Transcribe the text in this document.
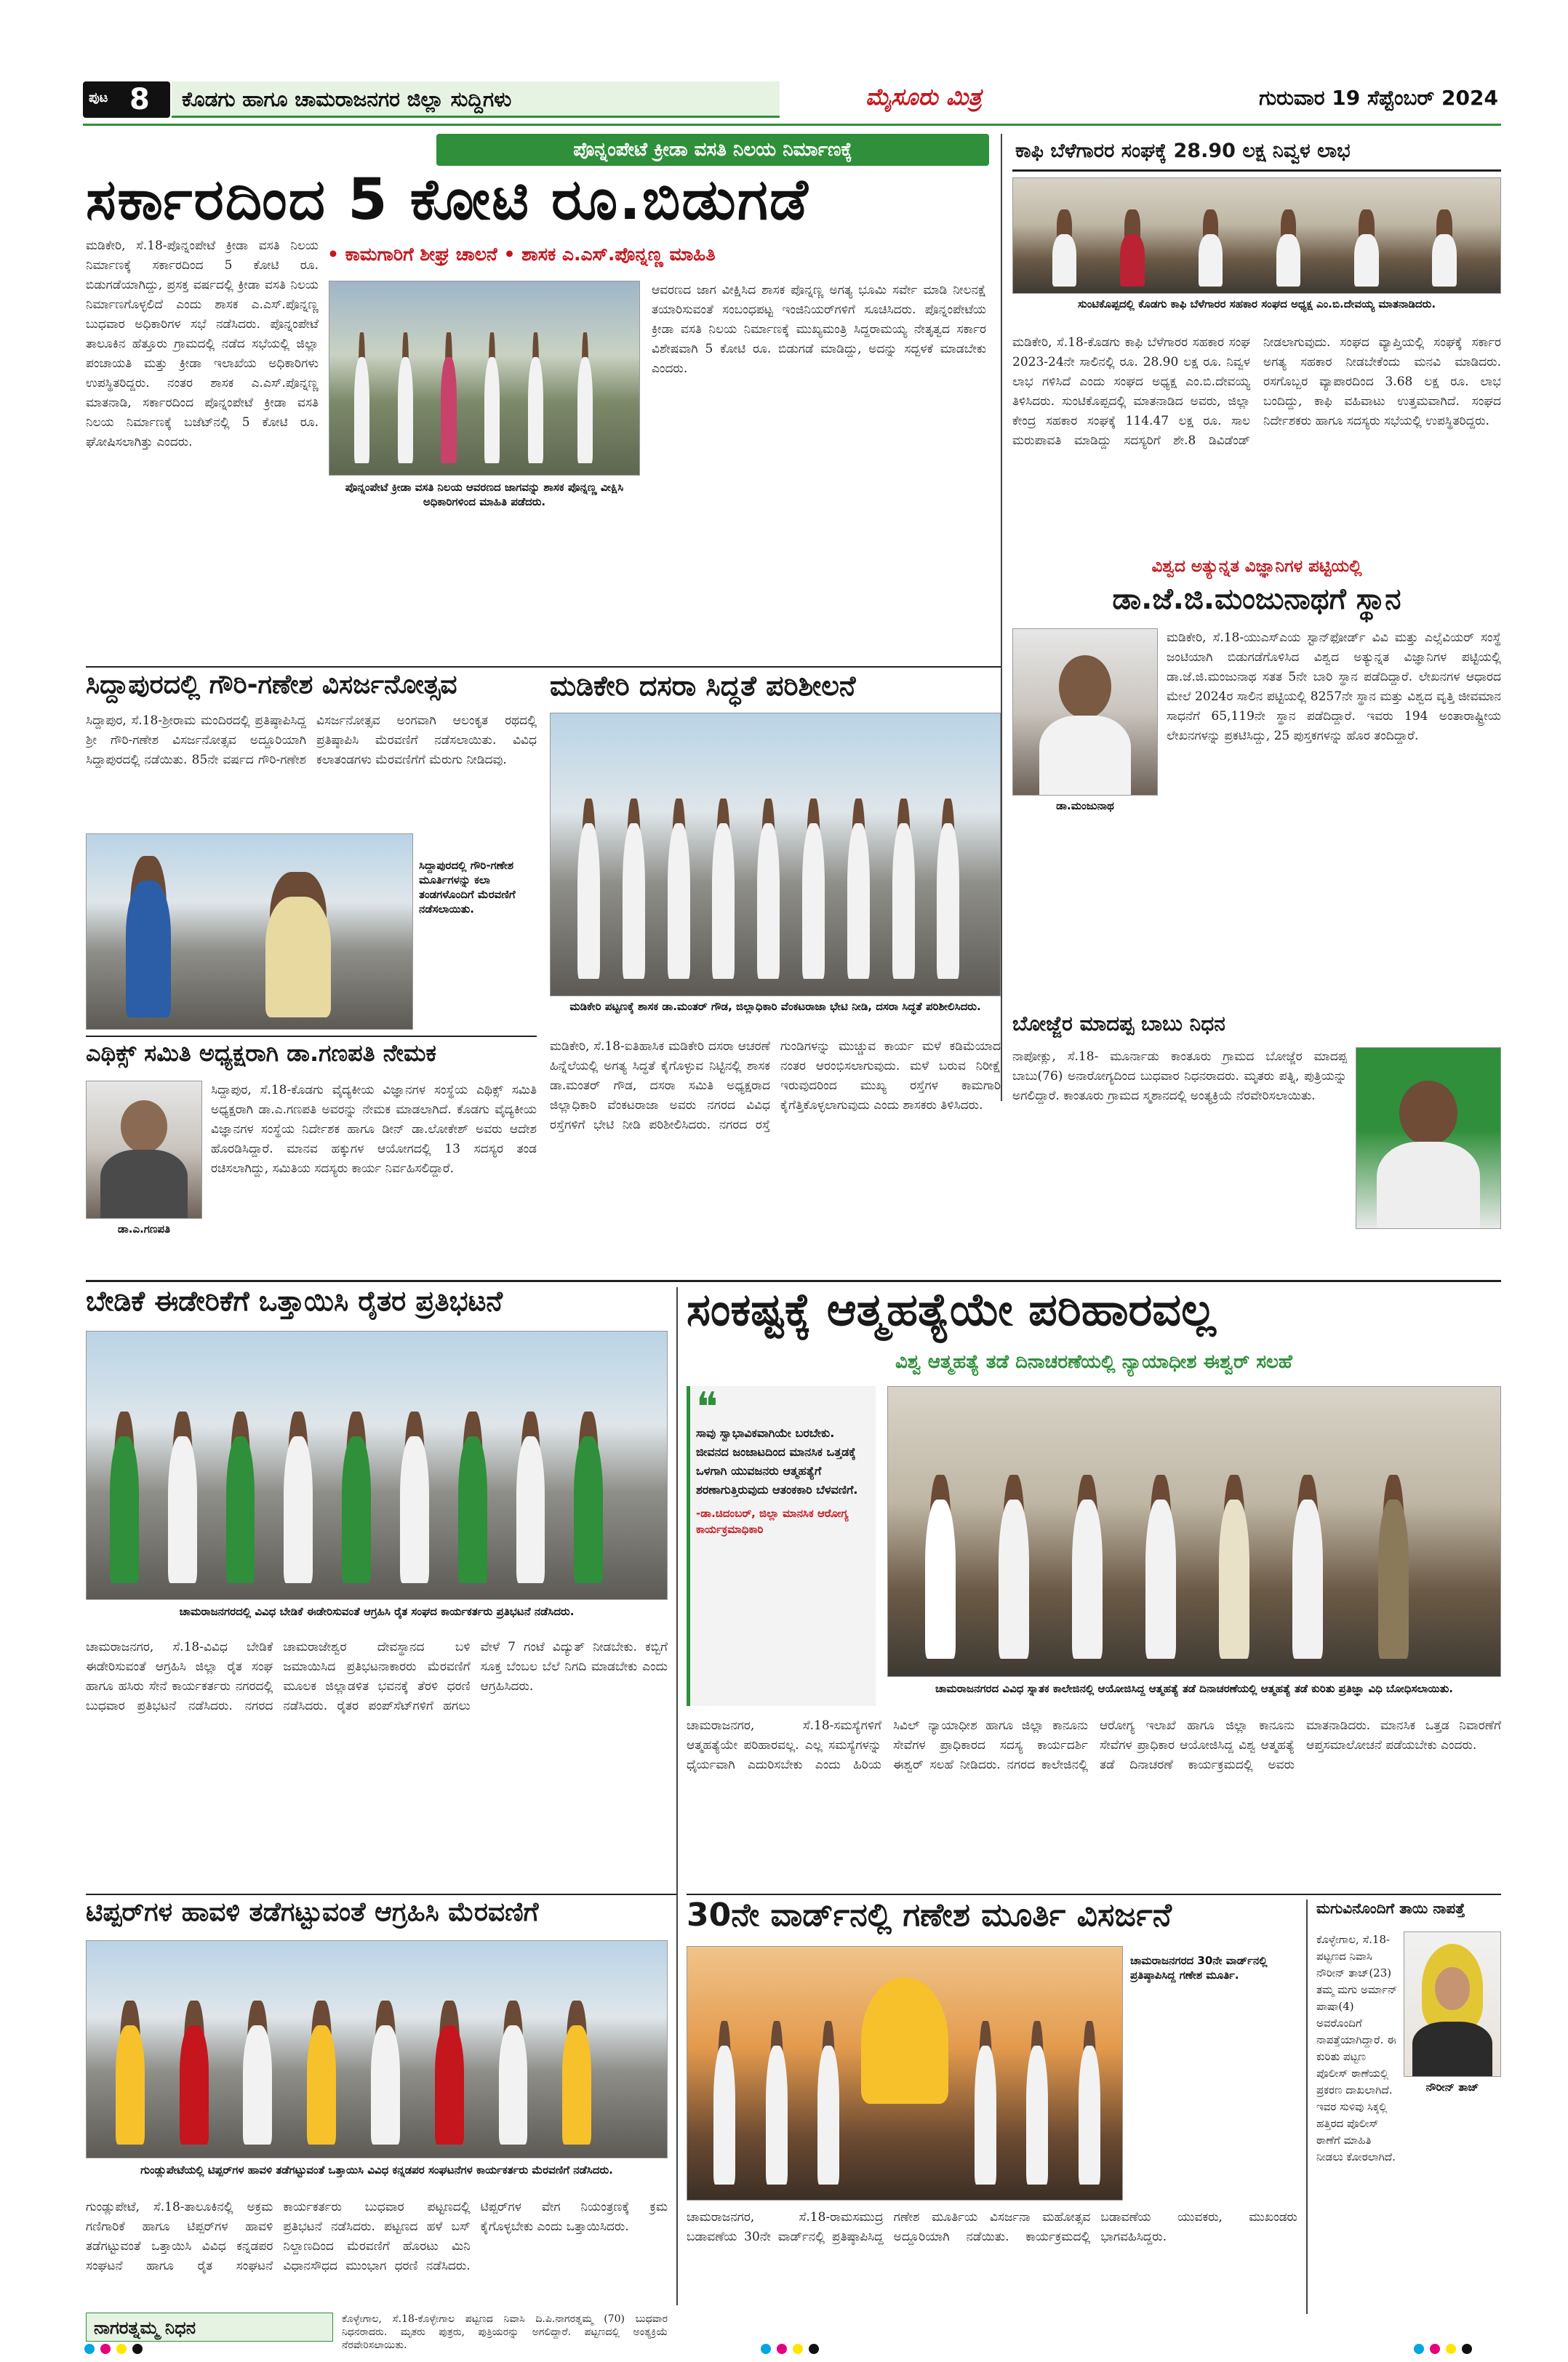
ಪುಟ 8 ಕೊಡಗು ಹಾಗೂ ಚಾಮರಾಜನಗರ ಜಿಲ್ಲಾ ಸುದ್ದಿಗಳು	ಮೈಸೂರು ಮಿತ್ರ	ಗುರುವಾರ 19 ಸೆಪ್ಟೆಂಬರ್ 2024
ಪೊನ್ನಂಪೇಟೆ ಕ್ರೀಡಾ ವಸತಿ ನಿಲಯ ನಿರ್ಮಾಣಕ್ಕೆ
ಸರ್ಕಾರದಿಂದ 5 ಕೋಟಿ ರೂ.ಬಿಡುಗಡೆ
• ಕಾಮಗಾರಿಗೆ ಶೀಘ್ರ ಚಾಲನೆ • ಶಾಸಕ ಎ.ಎಸ್.ಪೊನ್ನಣ್ಣ ಮಾಹಿತಿ
ಮಡಿಕೇರಿ, ಸೆ.18-ಪೊನ್ನಂಪೇಟೆ ಕ್ರೀಡಾ ವಸತಿ ನಿಲಯ ನಿರ್ಮಾಣಕ್ಕೆ ಸರ್ಕಾರದಿಂದ 5 ಕೋಟಿ ರೂ. ಬಿಡುಗಡೆಯಾಗಿದ್ದು, ಪ್ರಸಕ್ತ ವರ್ಷದಲ್ಲಿ ಕ್ರೀಡಾ ವಸತಿ ನಿಲಯ ನಿರ್ಮಾಣಗೊಳ್ಳಲಿದೆ ಎಂದು ಶಾಸಕ ಎ.ಎಸ್.ಪೊನ್ನಣ್ಣ ಬುಧವಾರ ಅಧಿಕಾರಿಗಳ ಸಭೆ ನಡೆಸಿದರು. ಪೊನ್ನಂಪೇಟೆ ತಾಲೂಕಿನ ಹೆತ್ತೂರು ಗ್ರಾಮದಲ್ಲಿ ನಡೆದ ಸಭೆಯಲ್ಲಿ ಜಿಲ್ಲಾ ಪಂಚಾಯತಿ ಮತ್ತು ಕ್ರೀಡಾ ಇಲಾಖೆಯ ಅಧಿಕಾರಿಗಳು ಉಪಸ್ಥಿತರಿದ್ದರು. ನಂತರ ಶಾಸಕ ಎ.ಎಸ್.ಪೊನ್ನಣ್ಣ ಮಾತನಾಡಿ, ಸರ್ಕಾರದಿಂದ ಪೊನ್ನಂಪೇಟೆ ಕ್ರೀಡಾ ವಸತಿ ನಿಲಯ ನಿರ್ಮಾಣಕ್ಕೆ ಬಜೆಟ್‌ನಲ್ಲಿ 5 ಕೋಟಿ ರೂ. ಘೋಷಿಸಲಾಗಿತ್ತು ಎಂದರು.
ಪೊನ್ನಂಪೇಟೆ ಕ್ರೀಡಾ ವಸತಿ ನಿಲಯ ಆವರಣದ ಜಾಗವನ್ನು ಶಾಸಕ ಪೊನ್ನಣ್ಣ ವೀಕ್ಷಿಸಿ ಅಧಿಕಾರಿಗಳಿಂದ ಮಾಹಿತಿ ಪಡೆದರು.
ಆವರಣದ ಜಾಗ ವೀಕ್ಷಿಸಿದ ಶಾಸಕ ಪೊನ್ನಣ್ಣ ಅಗತ್ಯ ಭೂಮಿ ಸರ್ವೇ ಮಾಡಿ ನೀಲನಕ್ಷೆ ತಯಾರಿಸುವಂತೆ ಸಂಬಂಧಪಟ್ಟ ಇಂಜಿನಿಯರ್‌ಗಳಿಗೆ ಸೂಚಿಸಿದರು. ಪೊನ್ನಂಪೇಟೆಯ ಕ್ರೀಡಾ ವಸತಿ ನಿಲಯ ನಿರ್ಮಾಣಕ್ಕೆ ಮುಖ್ಯಮಂತ್ರಿ ಸಿದ್ದರಾಮಯ್ಯ ನೇತೃತ್ವದ ಸರ್ಕಾರ ವಿಶೇಷವಾಗಿ 5 ಕೋಟಿ ರೂ. ಬಿಡುಗಡೆ ಮಾಡಿದ್ದು, ಅದನ್ನು ಸದ್ಬಳಕೆ ಮಾಡಬೇಕು ಎಂದರು.
ಕಾಫಿ ಬೆಳೆಗಾರರ ಸಂಘಕ್ಕೆ 28.90 ಲಕ್ಷ ನಿವ್ವಳ ಲಾಭ
ಸುಂಟಿಕೊಪ್ಪದಲ್ಲಿ ಕೊಡಗು ಕಾಫಿ ಬೆಳೆಗಾರರ ಸಹಕಾರ ಸಂಘದ ಅಧ್ಯಕ್ಷ ಎಂ.ಬಿ.ದೇವಯ್ಯ ಮಾತನಾಡಿದರು.
ಮಡಿಕೇರಿ, ಸೆ.18-ಕೊಡಗು ಕಾಫಿ ಬೆಳೆಗಾರರ ಸಹಕಾರ ಸಂಘ 2023-24ನೇ ಸಾಲಿನಲ್ಲಿ ರೂ. 28.90 ಲಕ್ಷ ರೂ. ನಿವ್ವಳ ಲಾಭ ಗಳಿಸಿದೆ ಎಂದು ಸಂಘದ ಅಧ್ಯಕ್ಷ ಎಂ.ಬಿ.ದೇವಯ್ಯ ತಿಳಿಸಿದರು. ಸುಂಟಿಕೊಪ್ಪದಲ್ಲಿ ಮಾತನಾಡಿದ ಅವರು, ಜಿಲ್ಲಾ ಕೇಂದ್ರ ಸಹಕಾರ ಸಂಘಕ್ಕೆ 114.47 ಲಕ್ಷ ರೂ. ಸಾಲ ಮರುಪಾವತಿ ಮಾಡಿದ್ದು ಸದಸ್ಯರಿಗೆ ಶೇ.8 ಡಿವಿಡೆಂಡ್ ನೀಡಲಾಗುವುದು. ಸಂಘದ ವ್ಯಾಪ್ತಿಯಲ್ಲಿ ಸಂಘಕ್ಕೆ ಸರ್ಕಾರ ಅಗತ್ಯ ಸಹಕಾರ ನೀಡಬೇಕೆಂದು ಮನವಿ ಮಾಡಿದರು. ರಸಗೊಬ್ಬರ ವ್ಯಾಪಾರದಿಂದ 3.68 ಲಕ್ಷ ರೂ. ಲಾಭ ಬಂದಿದ್ದು, ಕಾಫಿ ವಹಿವಾಟು ಉತ್ತಮವಾಗಿದೆ. ಸಂಘದ ನಿರ್ದೇಶಕರು ಹಾಗೂ ಸದಸ್ಯರು ಸಭೆಯಲ್ಲಿ ಉಪಸ್ಥಿತರಿದ್ದರು.
ಸಿದ್ದಾಪುರದಲ್ಲಿ ಗೌರಿ-ಗಣೇಶ ವಿಸರ್ಜನೋತ್ಸವ
ಸಿದ್ದಾಪುರ, ಸೆ.18-ಶ್ರೀರಾಮ ಮಂದಿರದಲ್ಲಿ ಪ್ರತಿಷ್ಠಾಪಿಸಿದ್ದ ಶ್ರೀ ಗೌರಿ-ಗಣೇಶ ವಿಸರ್ಜನೋತ್ಸವ ಅದ್ದೂರಿಯಾಗಿ ಸಿದ್ದಾಪುರದಲ್ಲಿ ನಡೆಯಿತು. 85ನೇ ವರ್ಷದ ಗೌರಿ-ಗಣೇಶ ವಿಸರ್ಜನೋತ್ಸವ ಅಂಗವಾಗಿ ಆಲಂಕೃತ ರಥದಲ್ಲಿ ಪ್ರತಿಷ್ಠಾಪಿಸಿ ಮೆರವಣಿಗೆ ನಡೆಸಲಾಯಿತು. ವಿವಿಧ ಕಲಾತಂಡಗಳು ಮೆರವಣಿಗೆಗೆ ಮೆರುಗು ನೀಡಿದವು.
ಸಿದ್ದಾಪುರದಲ್ಲಿ ಗೌರಿ-ಗಣೇಶ ಮೂರ್ತಿಗಳನ್ನು ಕಲಾ ತಂಡಗಳೊಂದಿಗೆ ಮೆರವಣಿಗೆ ನಡೆಸಲಾಯಿತು.
ಮಡಿಕೇರಿ ದಸರಾ ಸಿದ್ಧತೆ ಪರಿಶೀಲನೆ
ಮಡಿಕೇರಿ ಪಟ್ಟಣಕ್ಕೆ ಶಾಸಕ ಡಾ.ಮಂತರ್ ಗೌಡ, ಜಿಲ್ಲಾಧಿಕಾರಿ ವೆಂಕಟರಾಜಾ ಭೇಟಿ ನೀಡಿ, ದಸರಾ ಸಿದ್ಧತೆ ಪರಿಶೀಲಿಸಿದರು.
ವಿಶ್ವದ ಅತ್ಯುನ್ನತ ವಿಜ್ಞಾನಿಗಳ ಪಟ್ಟಿಯಲ್ಲಿ
ಡಾ.ಜೆ.ಜಿ.ಮಂಜುನಾಥಗೆ ಸ್ಥಾನ
ಡಾ.ಮಂಜುನಾಥ
ಮಡಿಕೇರಿ, ಸೆ.18-ಯುಎಸ್‌ಎಯ ಸ್ಟಾನ್‌ಫೋರ್ಡ್ ವಿವಿ ಮತ್ತು ಎಲ್ಸೆವಿಯರ್ ಸಂಸ್ಥೆ ಜಂಟಿಯಾಗಿ ಬಿಡುಗಡೆಗೊಳಿಸಿದ ವಿಶ್ವದ ಅತ್ಯುನ್ನತ ವಿಜ್ಞಾನಿಗಳ ಪಟ್ಟಿಯಲ್ಲಿ ಡಾ.ಜೆ.ಜಿ.ಮಂಜುನಾಥ ಸತತ 5ನೇ ಬಾರಿ ಸ್ಥಾನ ಪಡೆದಿದ್ದಾರೆ. ಲೇಖನಗಳ ಆಧಾರದ ಮೇಲೆ 2024ರ ಸಾಲಿನ ಪಟ್ಟಿಯಲ್ಲಿ 8257ನೇ ಸ್ಥಾನ ಮತ್ತು ವಿಶ್ವದ ವೃತ್ತಿ ಜೀವಮಾನ ಸಾಧನೆಗೆ 65,119ನೇ ಸ್ಥಾನ ಪಡೆದಿದ್ದಾರೆ. ಇವರು 194 ಅಂತಾರಾಷ್ಟ್ರೀಯ ಲೇಖನಗಳನ್ನು ಪ್ರಕಟಿಸಿದ್ದು, 25 ಪುಸ್ತಕಗಳನ್ನು ಹೊರ ತಂದಿದ್ದಾರೆ.
ಎಥಿಕ್ಸ್ ಸಮಿತಿ ಅಧ್ಯಕ್ಷರಾಗಿ ಡಾ.ಗಣಪತಿ ನೇಮಕ
ಡಾ.ಎ.ಗಣಪತಿ
ಸಿದ್ದಾಪುರ, ಸೆ.18-ಕೊಡಗು ವೈದ್ಯಕೀಯ ವಿಜ್ಞಾನಗಳ ಸಂಸ್ಥೆಯ ಎಥಿಕ್ಸ್ ಸಮಿತಿ ಅಧ್ಯಕ್ಷರಾಗಿ ಡಾ.ಎ.ಗಣಪತಿ ಅವರನ್ನು ನೇಮಕ ಮಾಡಲಾಗಿದೆ. ಕೊಡಗು ವೈದ್ಯಕೀಯ ವಿಜ್ಞಾನಗಳ ಸಂಸ್ಥೆಯ ನಿರ್ದೇಶಕ ಹಾಗೂ ಡೀನ್ ಡಾ.ಲೋಕೇಶ್ ಅವರು ಆದೇಶ ಹೊರಡಿಸಿದ್ದಾರೆ. ಮಾನವ ಹಕ್ಕುಗಳ ಆಯೋಗದಲ್ಲಿ 13 ಸದಸ್ಯರ ತಂಡ ರಚಿಸಲಾಗಿದ್ದು, ಸಮಿತಿಯ ಸದಸ್ಯರು ಕಾರ್ಯ ನಿರ್ವಹಿಸಲಿದ್ದಾರೆ.
ಮಡಿಕೇರಿ, ಸೆ.18-ಐತಿಹಾಸಿಕ ಮಡಿಕೇರಿ ದಸರಾ ಆಚರಣೆ ಹಿನ್ನೆಲೆಯಲ್ಲಿ ಅಗತ್ಯ ಸಿದ್ಧತೆ ಕೈಗೊಳ್ಳುವ ನಿಟ್ಟಿನಲ್ಲಿ ಶಾಸಕ ಡಾ.ಮಂತರ್ ಗೌಡ, ದಸರಾ ಸಮಿತಿ ಅಧ್ಯಕ್ಷರಾದ ಜಿಲ್ಲಾಧಿಕಾರಿ ವೆಂಕಟರಾಜಾ ಅವರು ನಗರದ ವಿವಿಧ ರಸ್ತೆಗಳಿಗೆ ಭೇಟಿ ನೀಡಿ ಪರಿಶೀಲಿಸಿದರು. ನಗರದ ರಸ್ತೆ ಗುಂಡಿಗಳನ್ನು ಮುಚ್ಚುವ ಕಾರ್ಯ ಮಳೆ ಕಡಿಮೆಯಾದ ನಂತರ ಆರಂಭಿಸಲಾಗುವುದು. ಮಳೆ ಬರುವ ನಿರೀಕ್ಷೆ ಇರುವುದರಿಂದ ಮುಖ್ಯ ರಸ್ತೆಗಳ ಕಾಮಗಾರಿ ಕೈಗೆತ್ತಿಕೊಳ್ಳಲಾಗುವುದು ಎಂದು ಶಾಸಕರು ತಿಳಿಸಿದರು.
ಬೋಜ್ಜೆರ ಮಾದಪ್ಪ ಬಾಬು ನಿಧನ
ನಾಪೋಕ್ಲು, ಸೆ.18- ಮೂರ್ನಾಡು ಕಾಂತೂರು ಗ್ರಾಮದ ಬೋಜ್ಜೆರ ಮಾದಪ್ಪ ಬಾಬು(76) ಅನಾರೋಗ್ಯದಿಂದ ಬುಧವಾರ ನಿಧನರಾದರು. ಮೃತರು ಪತ್ನಿ, ಪುತ್ರಿಯನ್ನು ಅಗಲಿದ್ದಾರೆ. ಕಾಂತೂರು ಗ್ರಾಮದ ಸ್ಮಶಾನದಲ್ಲಿ ಅಂತ್ಯಕ್ರಿಯೆ ನೆರವೇರಿಸಲಾಯಿತು.
ಬೇಡಿಕೆ ಈಡೇರಿಕೆಗೆ ಒತ್ತಾಯಿಸಿ ರೈತರ ಪ್ರತಿಭಟನೆ
ಚಾಮರಾಜನಗರದಲ್ಲಿ ವಿವಿಧ ಬೇಡಿಕೆ ಈಡೇರಿಸುವಂತೆ ಆಗ್ರಹಿಸಿ ರೈತ ಸಂಘದ ಕಾರ್ಯಕರ್ತರು ಪ್ರತಿಭಟನೆ ನಡೆಸಿದರು.
ಚಾಮರಾಜನಗರ, ಸೆ.18-ವಿವಿಧ ಬೇಡಿಕೆ ಈಡೇರಿಸುವಂತೆ ಆಗ್ರಹಿಸಿ ಜಿಲ್ಲಾ ರೈತ ಸಂಘ ಹಾಗೂ ಹಸಿರು ಸೇನೆ ಕಾರ್ಯಕರ್ತರು ನಗರದಲ್ಲಿ ಬುಧವಾರ ಪ್ರತಿಭಟನೆ ನಡೆಸಿದರು. ನಗರದ ಚಾಮರಾಜೇಶ್ವರ ದೇವಸ್ಥಾನದ ಬಳಿ ಜಮಾಯಿಸಿದ ಪ್ರತಿಭಟನಾಕಾರರು ಮೆರವಣಿಗೆ ಮೂಲಕ ಜಿಲ್ಲಾಡಳಿತ ಭವನಕ್ಕೆ ತೆರಳಿ ಧರಣಿ ನಡೆಸಿದರು. ರೈತರ ಪಂಪ್‌ಸೆಟ್‌ಗಳಿಗೆ ಹಗಲು ವೇಳೆ 7 ಗಂಟೆ ವಿದ್ಯುತ್ ನೀಡಬೇಕು. ಕಬ್ಬಿಗೆ ಸೂಕ್ತ ಬೆಂಬಲ ಬೆಲೆ ನಿಗದಿ ಮಾಡಬೇಕು ಎಂದು ಆಗ್ರಹಿಸಿದರು.
ಸಂಕಷ್ಟಕ್ಕೆ ಆತ್ಮಹತ್ಯೆಯೇ ಪರಿಹಾರವಲ್ಲ
ವಿಶ್ವ ಆತ್ಮಹತ್ಯೆ ತಡೆ ದಿನಾಚರಣೆಯಲ್ಲಿ ನ್ಯಾಯಾಧೀಶ ಈಶ್ವರ್ ಸಲಹೆ
❝
ಸಾವು ಸ್ವಾಭಾವಿಕವಾಗಿಯೇ ಬರಬೇಕು. ಜೀವನದ ಜಂಜಾಟದಿಂದ ಮಾನಸಿಕ ಒತ್ತಡಕ್ಕೆ ಒಳಗಾಗಿ ಯುವಜನರು ಆತ್ಮಹತ್ಯೆಗೆ ಶರಣಾಗುತ್ತಿರುವುದು ಆತಂಕಕಾರಿ ಬೆಳವಣಿಗೆ.
-ಡಾ.ಚಿದಂಬರ್, ಜಿಲ್ಲಾ ಮಾನಸಿಕ ಆರೋಗ್ಯ ಕಾರ್ಯಕ್ರಮಾಧಿಕಾರಿ
ಚಾಮರಾಜನಗರದ ವಿವಿಧ ಸ್ನಾತಕ ಕಾಲೇಜಿನಲ್ಲಿ ಆಯೋಜಿಸಿದ್ದ ಆತ್ಮಹತ್ಯೆ ತಡೆ ದಿನಾಚರಣೆಯಲ್ಲಿ ಆತ್ಮಹತ್ಯೆ ತಡೆ ಕುರಿತು ಪ್ರತಿಜ್ಞಾ ವಿಧಿ ಬೋಧಿಸಲಾಯಿತು.
ಚಾಮರಾಜನಗರ, ಸೆ.18-ಸಮಸ್ಯೆಗಳಿಗೆ ಆತ್ಮಹತ್ಯೆಯೇ ಪರಿಹಾರವಲ್ಲ. ಎಲ್ಲ ಸಮಸ್ಯೆಗಳನ್ನು ಧೈರ್ಯವಾಗಿ ಎದುರಿಸಬೇಕು ಎಂದು ಹಿರಿಯ ಸಿವಿಲ್ ನ್ಯಾಯಾಧೀಶ ಹಾಗೂ ಜಿಲ್ಲಾ ಕಾನೂನು ಸೇವೆಗಳ ಪ್ರಾಧಿಕಾರದ ಸದಸ್ಯ ಕಾರ್ಯದರ್ಶಿ ಈಶ್ವರ್ ಸಲಹೆ ನೀಡಿದರು. ನಗರದ ಕಾಲೇಜಿನಲ್ಲಿ ಆರೋಗ್ಯ ಇಲಾಖೆ ಹಾಗೂ ಜಿಲ್ಲಾ ಕಾನೂನು ಸೇವೆಗಳ ಪ್ರಾಧಿಕಾರ ಆಯೋಜಿಸಿದ್ದ ವಿಶ್ವ ಆತ್ಮಹತ್ಯೆ ತಡೆ ದಿನಾಚರಣೆ ಕಾರ್ಯಕ್ರಮದಲ್ಲಿ ಅವರು ಮಾತನಾಡಿದರು. ಮಾನಸಿಕ ಒತ್ತಡ ನಿವಾರಣೆಗೆ ಆಪ್ತಸಮಾಲೋಚನೆ ಪಡೆಯಬೇಕು ಎಂದರು.
ಟಿಪ್ಪರ್‌ಗಳ ಹಾವಳಿ ತಡೆಗಟ್ಟುವಂತೆ ಆಗ್ರಹಿಸಿ ಮೆರವಣಿಗೆ
ಗುಂಡ್ಲುಪೇಟೆಯಲ್ಲಿ ಟಿಪ್ಪರ್‌ಗಳ ಹಾವಳಿ ತಡೆಗಟ್ಟುವಂತೆ ಒತ್ತಾಯಿಸಿ ವಿವಿಧ ಕನ್ನಡಪರ ಸಂಘಟನೆಗಳ ಕಾರ್ಯಕರ್ತರು ಮೆರವಣಿಗೆ ನಡೆಸಿದರು.
ಗುಂಡ್ಲುಪೇಟೆ, ಸೆ.18-ತಾಲೂಕಿನಲ್ಲಿ ಅಕ್ರಮ ಗಣಿಗಾರಿಕೆ ಹಾಗೂ ಟಿಪ್ಪರ್‌ಗಳ ಹಾವಳಿ ತಡೆಗಟ್ಟುವಂತೆ ಒತ್ತಾಯಿಸಿ ವಿವಿಧ ಕನ್ನಡಪರ ಸಂಘಟನೆ ಹಾಗೂ ರೈತ ಸಂಘಟನೆ ಕಾರ್ಯಕರ್ತರು ಬುಧವಾರ ಪಟ್ಟಣದಲ್ಲಿ ಪ್ರತಿಭಟನೆ ನಡೆಸಿದರು. ಪಟ್ಟಣದ ಹಳೆ ಬಸ್ ನಿಲ್ದಾಣದಿಂದ ಮೆರವಣಿಗೆ ಹೊರಟು ಮಿನಿ ವಿಧಾನಸೌಧದ ಮುಂಭಾಗ ಧರಣಿ ನಡೆಸಿದರು. ಟಿಪ್ಪರ್‌ಗಳ ವೇಗ ನಿಯಂತ್ರಣಕ್ಕೆ ಕ್ರಮ ಕೈಗೊಳ್ಳಬೇಕು ಎಂದು ಒತ್ತಾಯಿಸಿದರು.
ನಾಗರತ್ನಮ್ಮ ನಿಧನ	ಕೊಳ್ಳೇಗಾಲ, ಸೆ.18-ಕೊಳ್ಳೇಗಾಲ ಪಟ್ಟಣದ ನಿವಾಸಿ ದಿ.ಪಿ.ನಾಗರತ್ನಮ್ಮ (70) ಬುಧವಾರ ನಿಧನರಾದರು. ಮೃತರು ಪುತ್ರರು, ಪುತ್ರಿಯರನ್ನು ಅಗಲಿದ್ದಾರೆ. ಪಟ್ಟಣದಲ್ಲಿ ಅಂತ್ಯಕ್ರಿಯೆ ನೆರವೇರಿಸಲಾಯಿತು.
30ನೇ ವಾರ್ಡ್‌ನಲ್ಲಿ ಗಣೇಶ ಮೂರ್ತಿ ವಿಸರ್ಜನೆ
ಚಾಮರಾಜನಗರದ 30ನೇ ವಾರ್ಡ್‌ನಲ್ಲಿ ಪ್ರತಿಷ್ಠಾಪಿಸಿದ್ದ ಗಣೇಶ ಮೂರ್ತಿ.
ಚಾಮರಾಜನಗರ, ಸೆ.18-ರಾಮಸಮುದ್ರ ಬಡಾವಣೆಯ 30ನೇ ವಾರ್ಡ್‌ನಲ್ಲಿ ಪ್ರತಿಷ್ಠಾಪಿಸಿದ್ದ ಗಣೇಶ ಮೂರ್ತಿಯ ವಿಸರ್ಜನಾ ಮಹೋತ್ಸವ ಅದ್ದೂರಿಯಾಗಿ ನಡೆಯಿತು. ಕಾರ್ಯಕ್ರಮದಲ್ಲಿ ಬಡಾವಣೆಯ ಯುವಕರು, ಮುಖಂಡರು ಭಾಗವಹಿಸಿದ್ದರು.
ಮಗುವಿನೊಂದಿಗೆ ತಾಯಿ ನಾಪತ್ತೆ
ನೌರೀನ್ ತಾಜ್
ಕೊಳ್ಳೇಗಾಲ, ಸೆ.18-ಪಟ್ಟಣದ ನಿವಾಸಿ ನೌರೀನ್ ತಾಜ್(23) ತಮ್ಮ ಮಗು ಅರ್ಮಾನ್ ಪಾಷಾ(4) ಅವರೊಂದಿಗೆ ನಾಪತ್ತೆಯಾಗಿದ್ದಾರೆ. ಈ ಕುರಿತು ಪಟ್ಟಣ ಪೊಲೀಸ್ ಠಾಣೆಯಲ್ಲಿ ಪ್ರಕರಣ ದಾಖಲಾಗಿದೆ. ಇವರ ಸುಳಿವು ಸಿಕ್ಕಲ್ಲಿ ಹತ್ತಿರದ ಪೊಲೀಸ್ ಠಾಣೆಗೆ ಮಾಹಿತಿ ನೀಡಲು ಕೋರಲಾಗಿದೆ.
